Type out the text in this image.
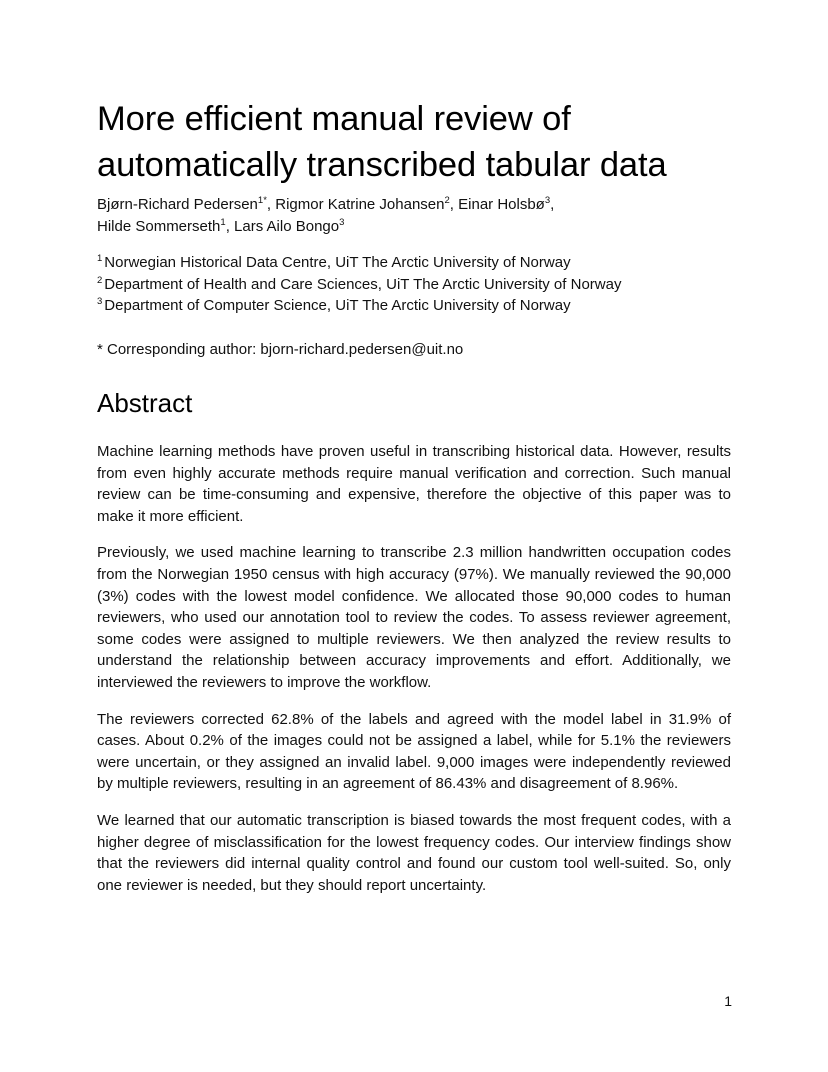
More efficient manual review of
automatically transcribed tabular data
Bjørn-Richard Pedersen$^{1*}$, Rigmor Katrine Johansen$^2$, Einar Holsbø$^3$,
Hilde Sommerseth$^1$, Lars Ailo Bongo$^3$
$^1$ Norwegian Historical Data Centre, UiT The Arctic University of Norway
$^2$ Department of Health and Care Sciences, UiT The Arctic University of Norway
$^3$ Department of Computer Science, UiT The Arctic University of Norway
* Corresponding author: bjorn-richard.pedersen@uit.no
Abstract

Machine learning methods have proven useful in transcribing historical data. However, results from even highly accurate methods require manual verification and correction. Such manual review can be time-consuming and expensive, therefore the objective of this paper was to make it more efficient.

Previously, we used machine learning to transcribe 2.3 million handwritten occupation codes from the Norwegian 1950 census with high accuracy (97%). We manually reviewed the 90,000 (3%) codes with the lowest model confidence. We allocated those 90,000 codes to human reviewers, who used our annotation tool to review the codes. To assess reviewer agreement, some codes were assigned to multiple reviewers. We then analyzed the review results to understand the relationship between accuracy improvements and effort. Additionally, we interviewed the reviewers to improve the workflow.

The reviewers corrected 62.8% of the labels and agreed with the model label in 31.9% of cases. About 0.2% of the images could not be assigned a label, while for 5.1% the reviewers were uncertain, or they assigned an invalid label. 9,000 images were independently reviewed by multiple reviewers, resulting in an agreement of 86.43% and disagreement of 8.96%.

We learned that our automatic transcription is biased towards the most frequent codes, with a higher degree of misclassification for the lowest frequency codes. Our interview findings show that the reviewers did internal quality control and found our custom tool well-suited. So, only one reviewer is needed, but they should report uncertainty.

1
